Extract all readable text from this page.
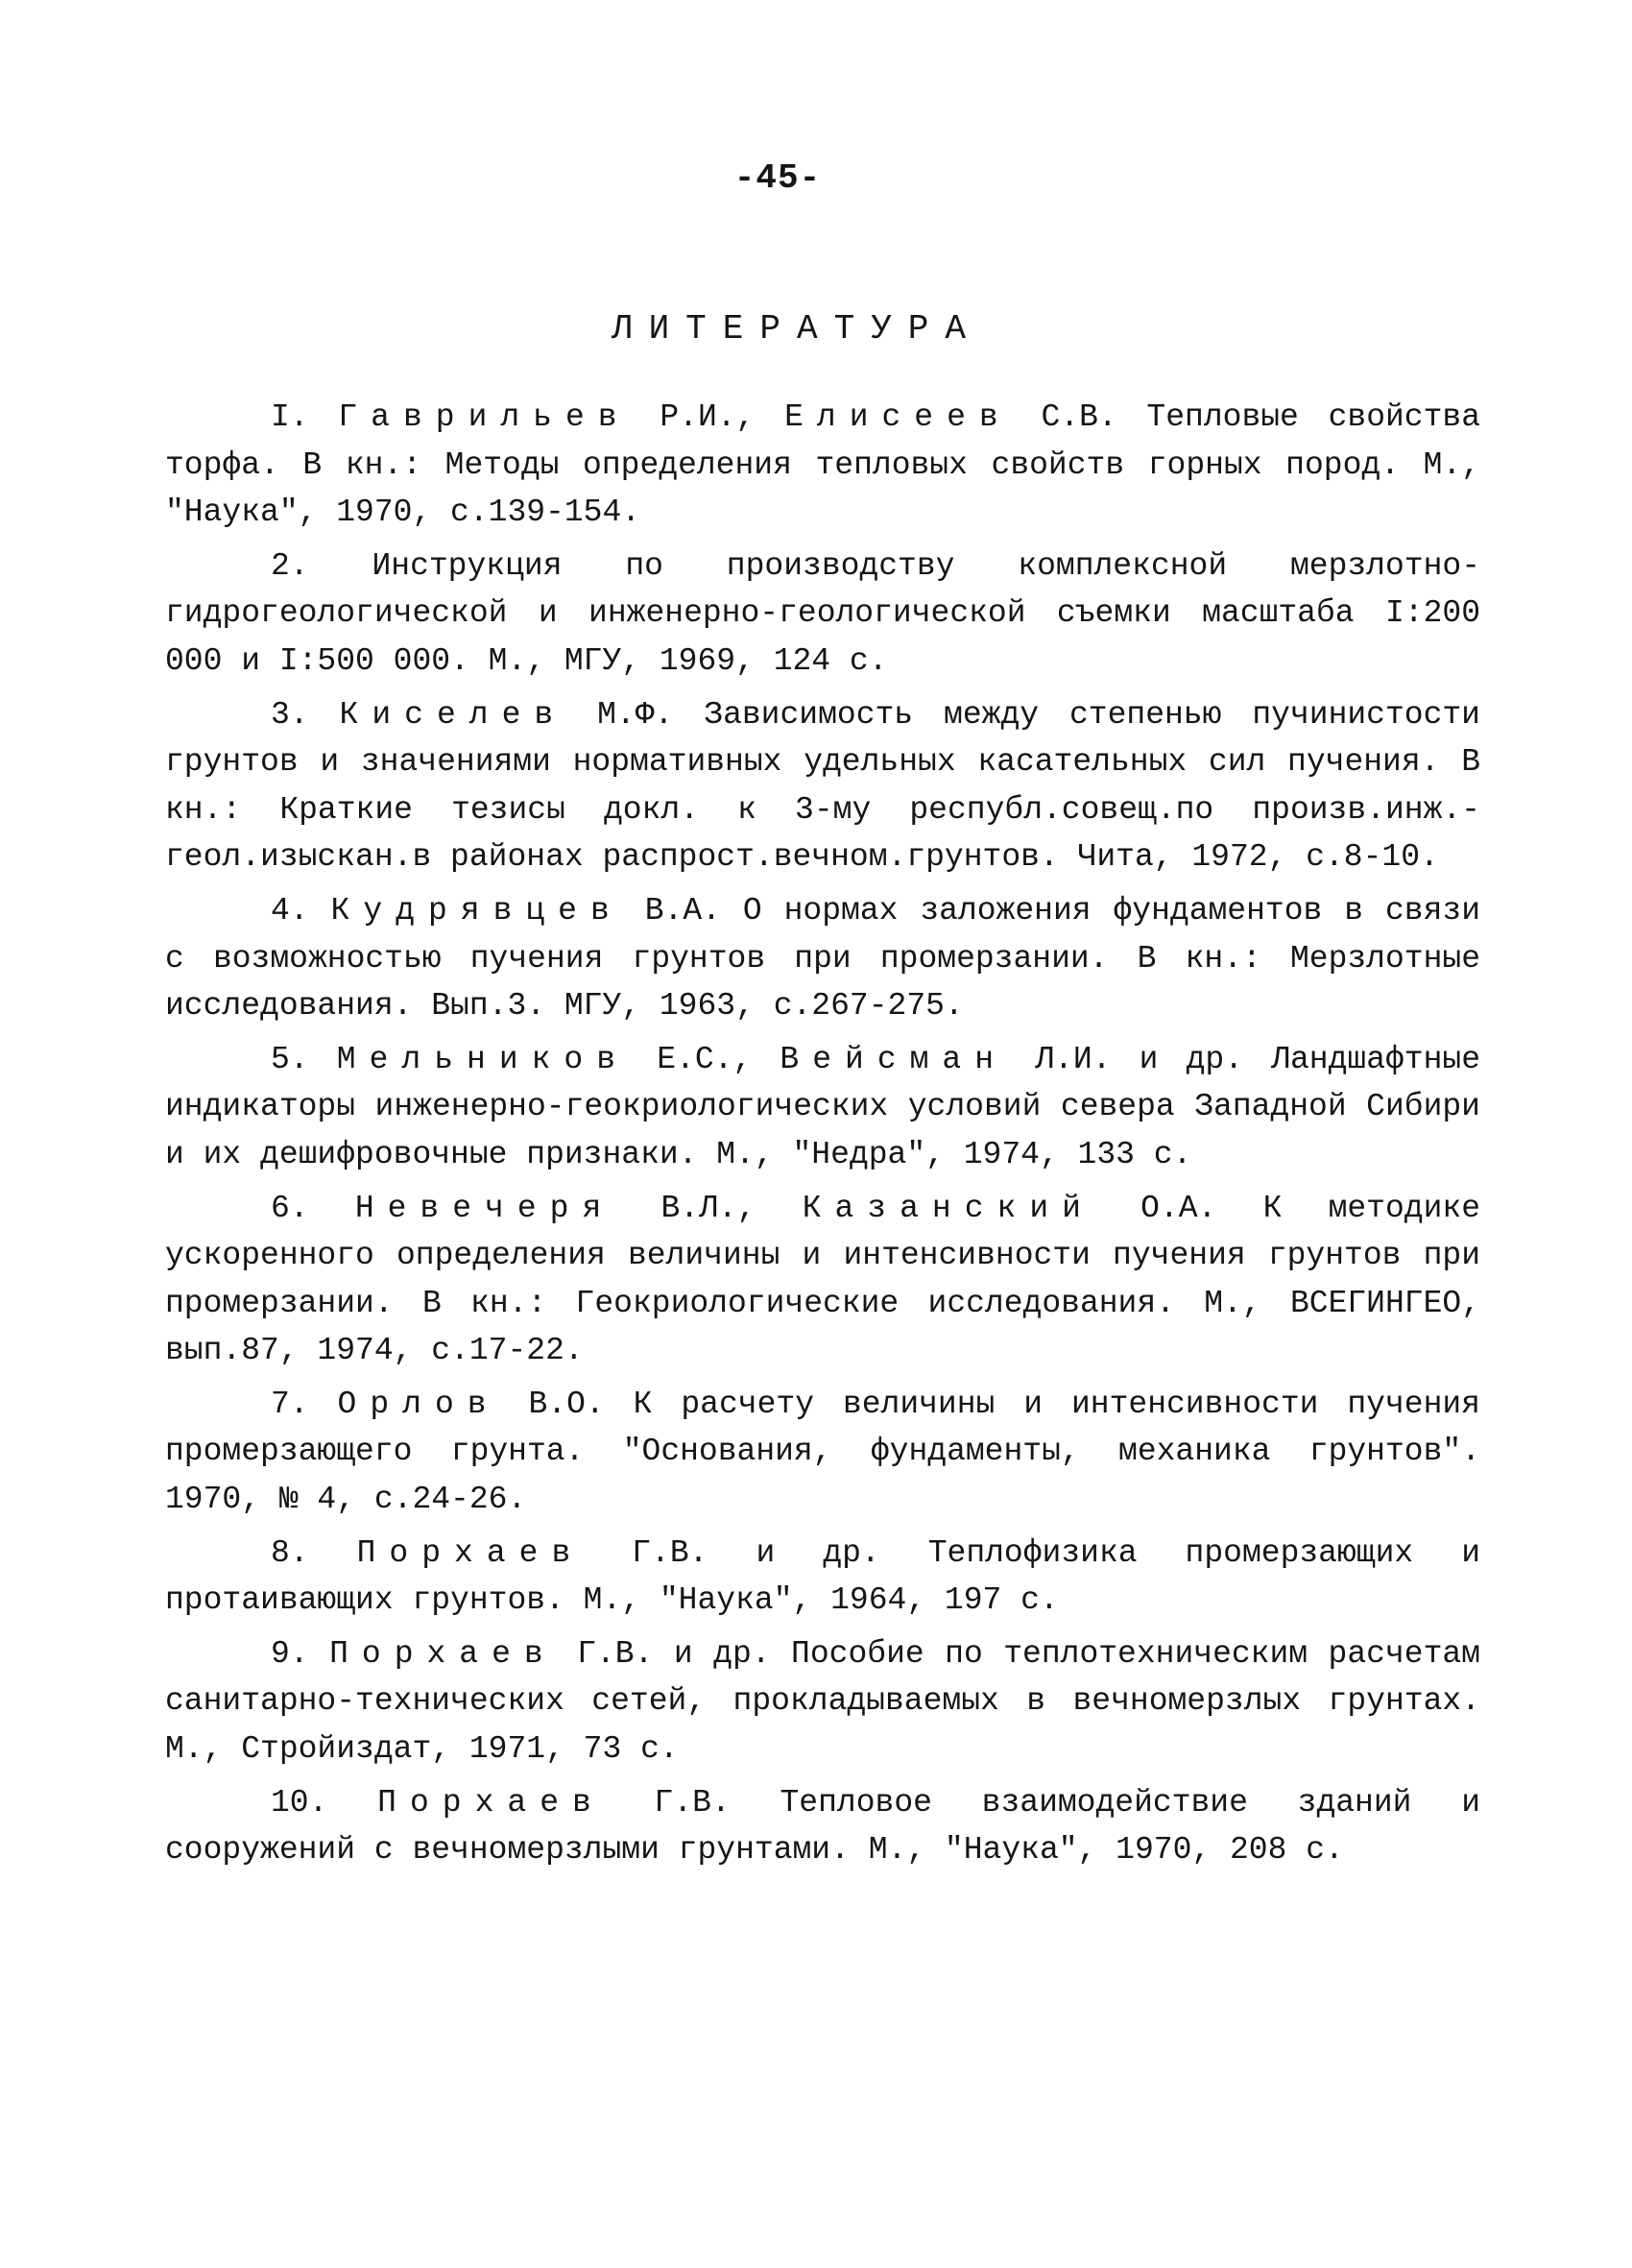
-45-
ЛИТЕРАТУРА
I. Гаврильев Р.И., Елисеев С.В. Тепловые свойства торфа. В кн.: Методы определения тепловых свойств горных пород. М., "Наука", 1970, с.139-154.
2. Инструкция по производству комплексной мерзлотно-гидрогеологической и инженерно-геологической съемки масштаба I:200 000 и I:500 000. М., МГУ, 1969, 124 с.
3. Киселев М.Ф. Зависимость между степенью пучинистости грунтов и значениями нормативных удельных касательных сил пучения. В кн.: Краткие тезисы докл. к 3-му республ.совещ.по произв.инж.-геол.изыскан.в районах распрост.вечном.грунтов. Чита, 1972, с.8-10.
4. Кудрявцев В.А. О нормах заложения фундаментов в связи с возможностью пучения грунтов при промерзании. В кн.: Мерзлотные исследования. Вып.3. МГУ, 1963, с.267-275.
5. Мельников Е.С., Вейсман Л.И. и др. Ландшафтные индикаторы инженерно-геокриологических условий севера Западной Сибири и их дешифровочные признаки. М., "Недра", 1974, 133 с.
6. Невечеря В.Л., Казанский О.А. К методике ускоренного определения величины и интенсивности пучения грунтов при промерзании. В кн.: Геокриологические исследования. М., ВСЕГИНГЕО, вып.87, 1974, с.17-22.
7. Орлов В.О. К расчету величины и интенсивности пучения промерзающего грунта. "Основания, фундаменты, механика грунтов". 1970, № 4, с.24-26.
8. Порхаев Г.В. и др. Теплофизика промерзающих и протаивающих грунтов. М., "Наука", 1964, 197 с.
9. Порхаев Г.В. и др. Пособие по теплотехническим расчетам санитарно-технических сетей, прокладываемых в вечномерзлых грунтах. М., Стройиздат, 1971, 73 с.
10. Порхаев Г.В. Тепловое взаимодействие зданий и сооружений с вечномерзлыми грунтами. М., "Наука", 1970, 208 с.
